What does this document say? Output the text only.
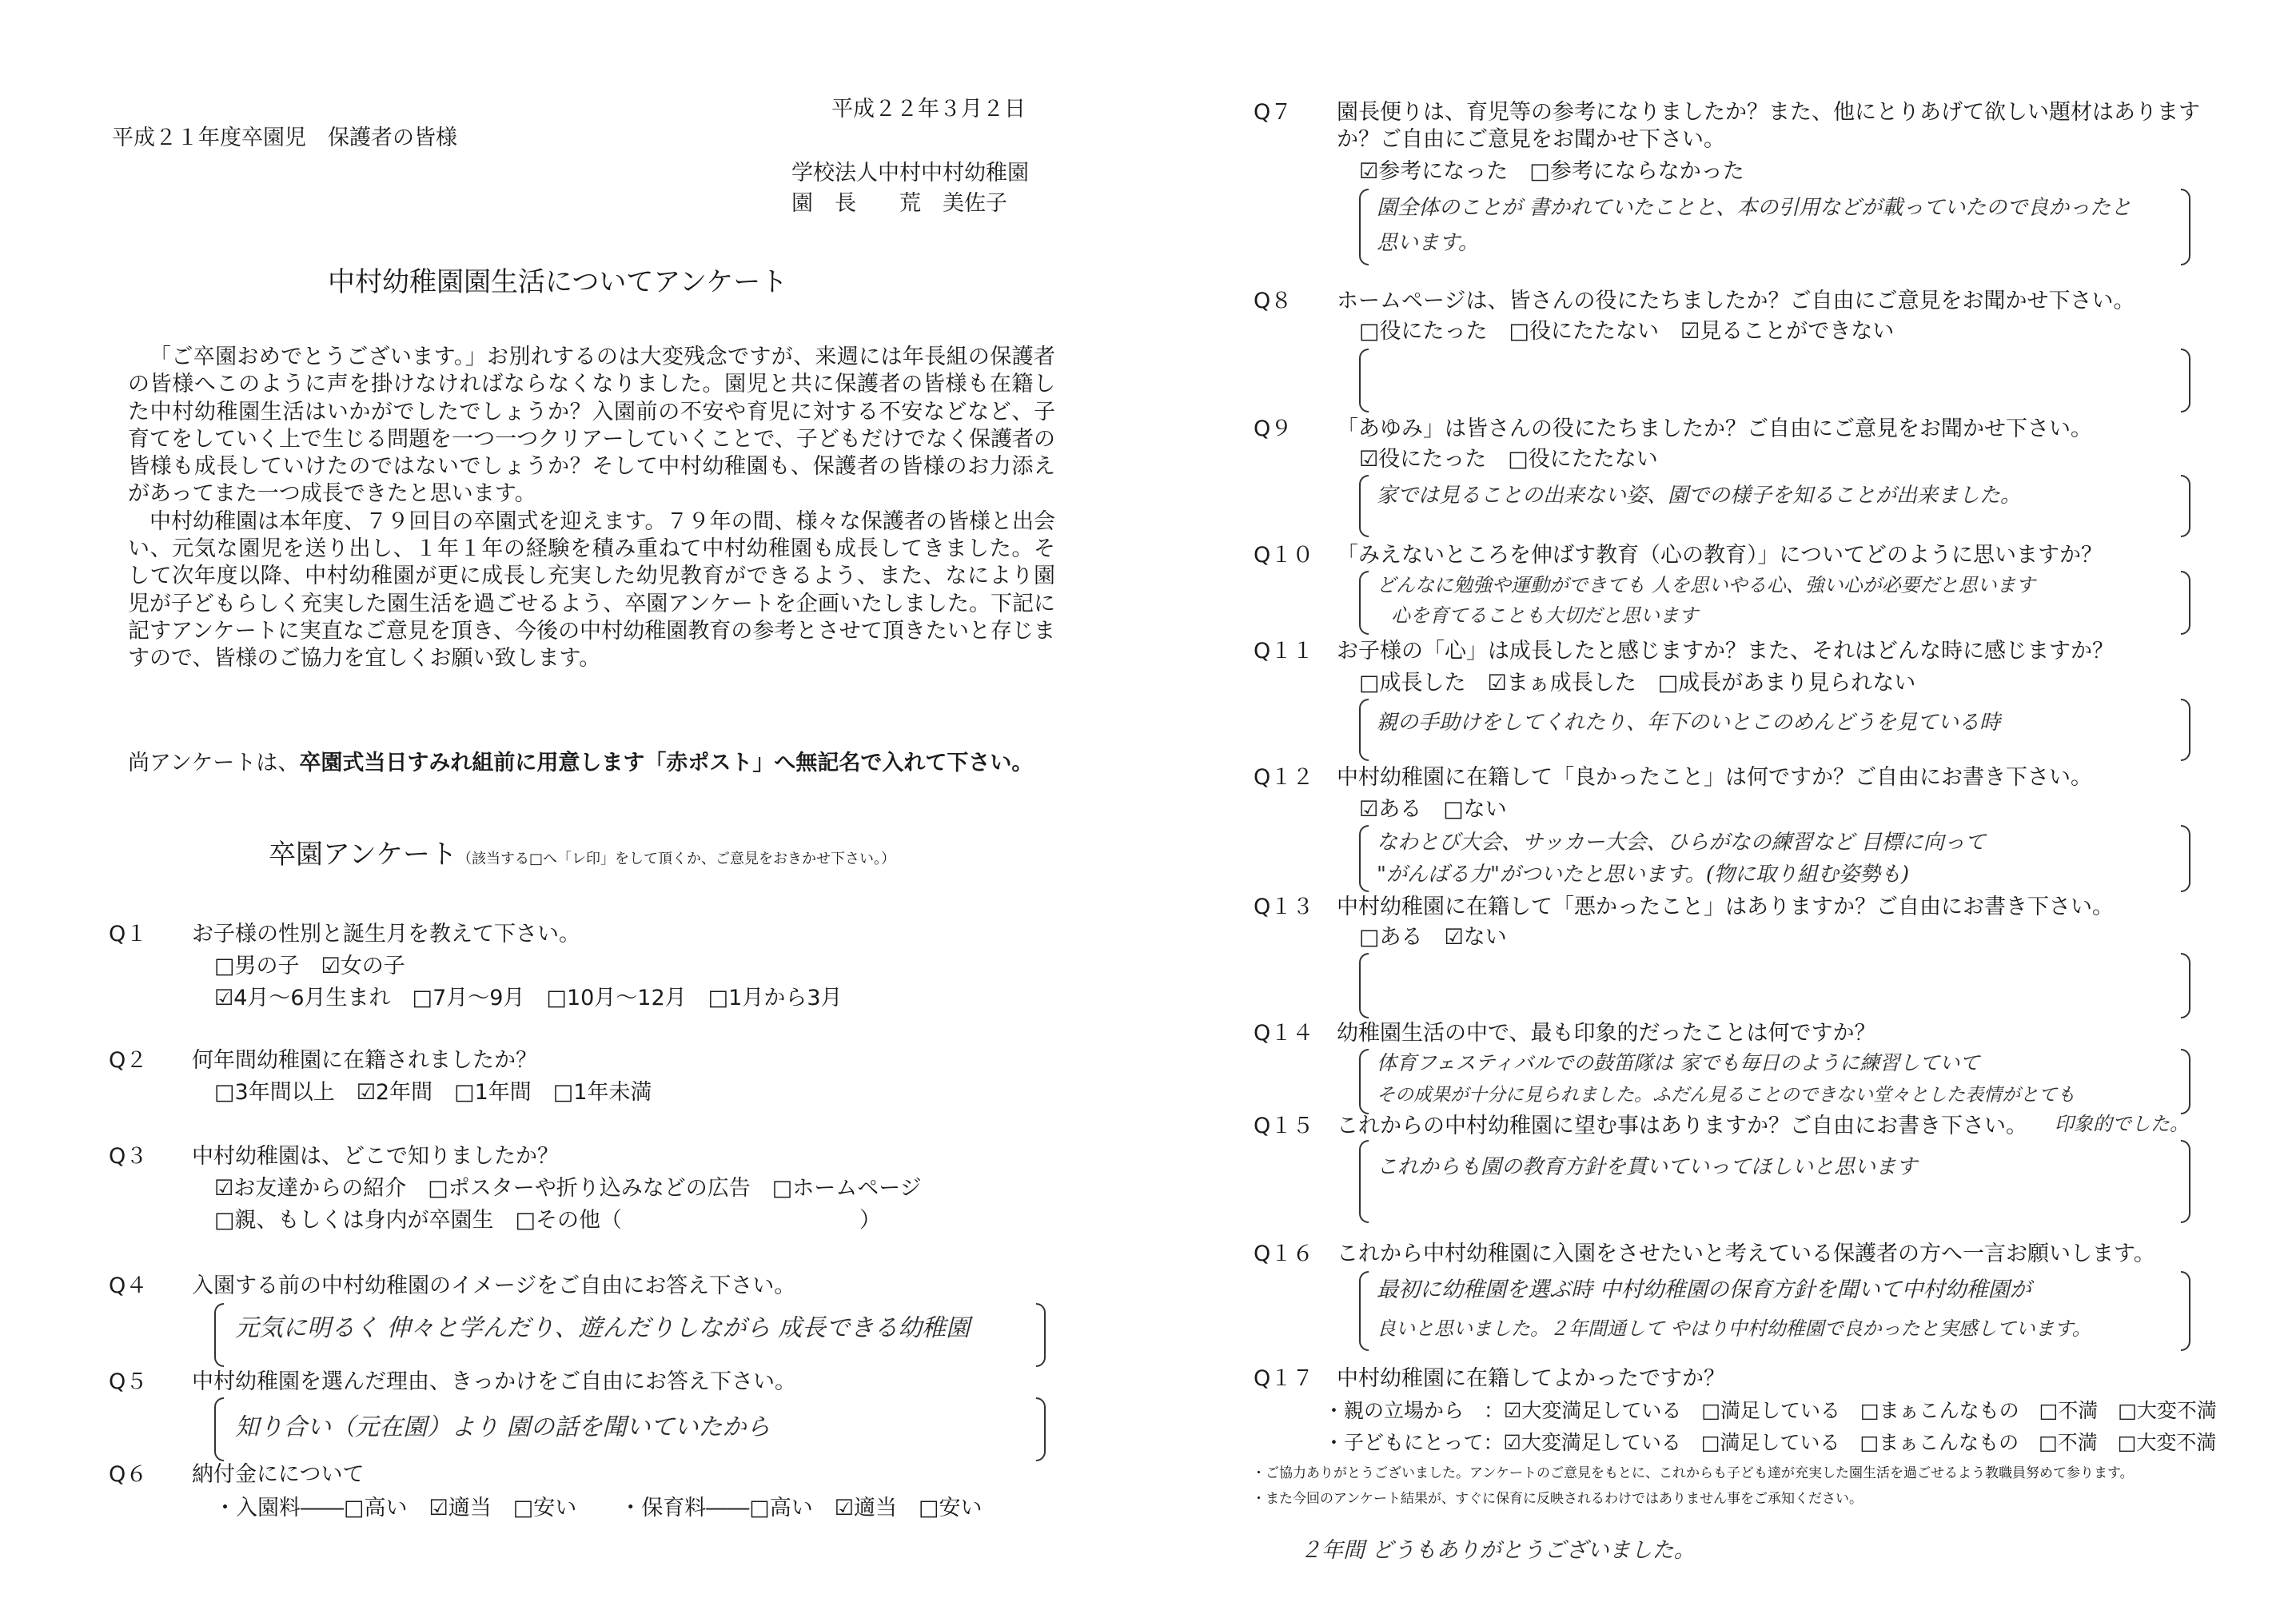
平成２２年３月２日
平成２１年度卒園児　保護者の皆様
学校法人中村中村幼稚園
園　長　　荒　美佐子
中村幼稚園園生活についてアンケート

「ご卒園おめでとうございます。」お別れするのは大変残念ですが、来週には年長組の保護者の皆様へこのように声を掛けなければならなくなりました。園児と共に保護者の皆様も在籍した中村幼稚園生活はいかがでしたでしょうか？入園前の不安や育児に対する不安などなど、子育てをしていく上で生じる問題を一つ一つクリアーしていくことで、子どもだけでなく保護者の皆様も成長していけたのではないでしょうか？そして中村幼稚園も、保護者の皆様のお力添えがあってまた一つ成長できたと思います。

中村幼稚園は本年度、７９回目の卒園式を迎えます。７９年の間、様々な保護者の皆様と出会い、元気な園児を送り出し、１年１年の経験を積み重ねて中村幼稚園も成長してきました。そして次年度以降、中村幼稚園が更に成長し充実した幼児教育ができるよう、また、なにより園児が子どもらしく充実した園生活を過ごせるよう、卒園アンケートを企画いたしました。下記に記すアンケートに実直なご意見を頂き、今後の中村幼稚園教育の参考とさせて頂きたいと存じますので、皆様のご協力を宜しくお願い致します。

尚アンケートは、卒園式当日すみれ組前に用意します「赤ポスト」へ無記名で入れて下さい。
卒園アンケート（該当する□へ「レ印」をして頂くか、ご意見をおきかせ下さい。）
Q１ お子様の性別と誕生月を教えて下さい。
□男の子　☑女の子
☑4月～6月生まれ　□7月～9月　□10月～12月　□1月から3月
Q２ 何年間幼稚園に在籍されましたか？
□3年間以上　☑2年間　□1年間　□1年未満
Q３ 中村幼稚園は、どこで知りましたか？
☑お友達からの紹介　□ポスターや折り込みなどの広告　□ホームページ
□親、もしくは身内が卒園生　□その他（　　　　　　　　　　　）
Q４ 入園する前の中村幼稚園のイメージをご自由にお答え下さい。
元気に明るく 伸々と学んだり、遊んだりしながら 成長できる幼稚園
Q５ 中村幼稚園を選んだ理由、きっかけをご自由にお答え下さい。
知り合い（元在園）より 園の話を聞いていたから
Q６ 納付金にについて
・入園料――□高い　☑適当　□安い　　・保育料――□高い　☑適当　□安い
Q７ 園長便りは、育児等の参考になりましたか？また、他にとりあげて欲しい題材はありますか？ご自由にご意見をお聞かせ下さい。
☑参考になった　□参考にならなかった
園全体のことが 書かれていたことと、本の引用などが載っていたので良かったと
思います。
Q８ ホームページは、皆さんの役にたちましたか？ご自由にご意見をお聞かせ下さい。
□役にたった　□役にたたない　☑見ることができない
Q９ 「あゆみ」は皆さんの役にたちましたか？ご自由にご意見をお聞かせ下さい。
☑役にたった　□役にたたない
家では見ることの出来ない姿、園での様子を知ることが出来ました。
Q１０ 「みえないところを伸ばす教育（心の教育）」についてどのように思いますか？
どんなに勉強や運動ができても 人を思いやる心、強い心が必要だと思います
心を育てることも大切だと思います
Q１１ お子様の「心」は成長したと感じますか？また、それはどんな時に感じますか？
□成長した　☑まぁ成長した　□成長があまり見られない
親の手助けをしてくれたり、年下のいとこのめんどうを見ている時
Q１２ 中村幼稚園に在籍して「良かったこと」は何ですか？ご自由にお書き下さい。
☑ある　□ない
なわとび大会、サッカー大会、ひらがなの練習など 目標に向って
"がんばる力"がついたと思います。(物に取り組む姿勢も)
Q１３ 中村幼稚園に在籍して「悪かったこと」はありますか？ご自由にお書き下さい。
□ある　☑ない
Q１４ 幼稚園生活の中で、最も印象的だったことは何ですか？
体育フェスティバルでの鼓笛隊は 家でも毎日のように練習していて
その成果が十分に見られました。ふだん見ることのできない堂々とした表情がとても
印象的でした。
Q１５ これからの中村幼稚園に望む事はありますか？ご自由にお書き下さい。
これからも園の教育方針を貫いていってほしいと思います
Q１６ これから中村幼稚園に入園をさせたいと考えている保護者の方へ一言お願いします。
最初に幼稚園を選ぶ時 中村幼稚園の保育方針を聞いて中村幼稚園が
良いと思いました。２年間通して やはり中村幼稚園で良かったと実感しています。
Q１７ 中村幼稚園に在籍してよかったですか？
・親の立場から　：☑大変満足している　□満足している　□まぁこんなもの　□不満　□大変不満
・子どもにとって：☑大変満足している　□満足している　□まぁこんなもの　□不満　□大変不満
・ご協力ありがとうございました。アンケートのご意見をもとに、これからも子ども達が充実した園生活を過ごせるよう教職員努めて参ります。
・また今回のアンケート結果が、すぐに保育に反映されるわけではありません事をご承知ください。
２年間 どうもありがとうございました。
